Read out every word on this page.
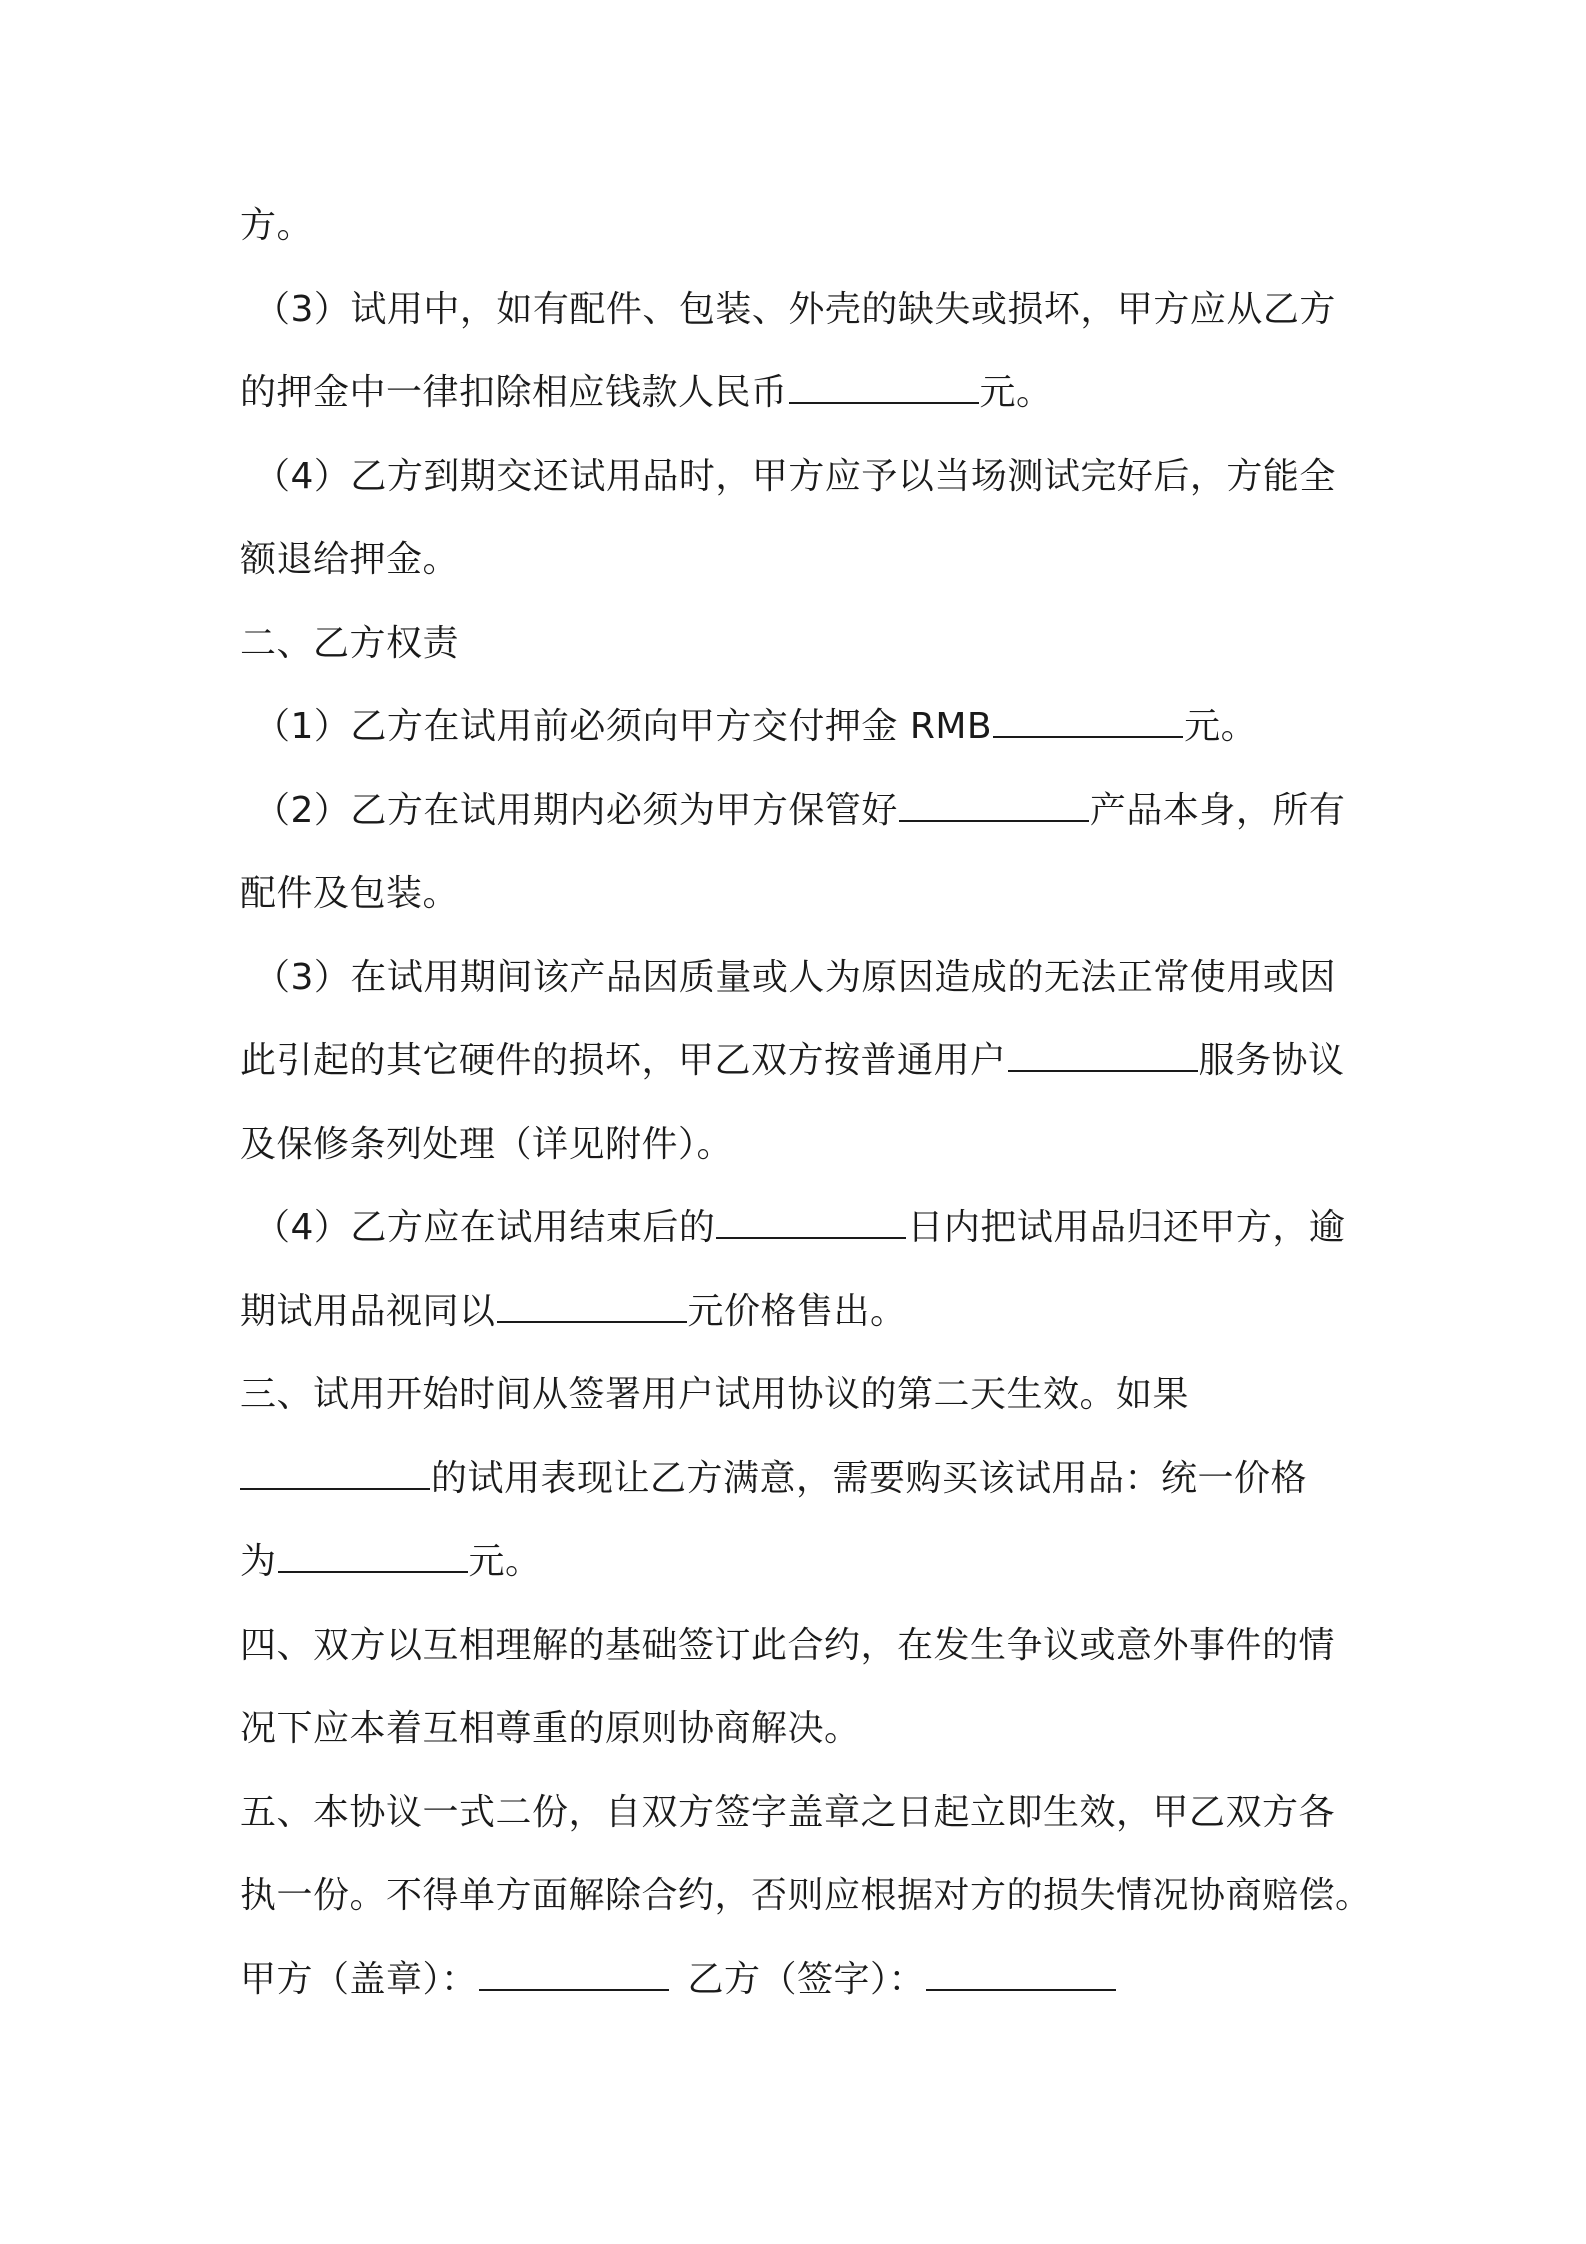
方。
（3）试用中，如有配件、包装、外壳的缺失或损坏，甲方应从乙方
的押金中一律扣除相应钱款人民币	元。
（4）乙方到期交还试用品时，甲方应予以当场测试完好后，方能全
额退给押金。
二、乙方权责
（1）乙方在试用前必须向甲方交付押金 RMB	元。
（2）乙方在试用期内必须为甲方保管好	产品本身，所有
配件及包装。
（3）在试用期间该产品因质量或人为原因造成的无法正常使用或因
此引起的其它硬件的损坏，甲乙双方按普通用户	服务协议
及保修条列处理（详见附件）。
（4）乙方应在试用结束后的	日内把试用品归还甲方，逾
期试用品视同以	元价格售出。
三、试用开始时间从签署用户试用协议的第二天生效。如果
的试用表现让乙方满意，需要购买该试用品：统一价格
为	元。
四、双方以互相理解的基础签订此合约，在发生争议或意外事件的情
况下应本着互相尊重的原则协商解决。
五、本协议一式二份，自双方签字盖章之日起立即生效，甲乙双方各
执一份。不得单方面解除合约，否则应根据对方的损失情况协商赔偿。
甲方（盖章）：	乙方（签字）：
